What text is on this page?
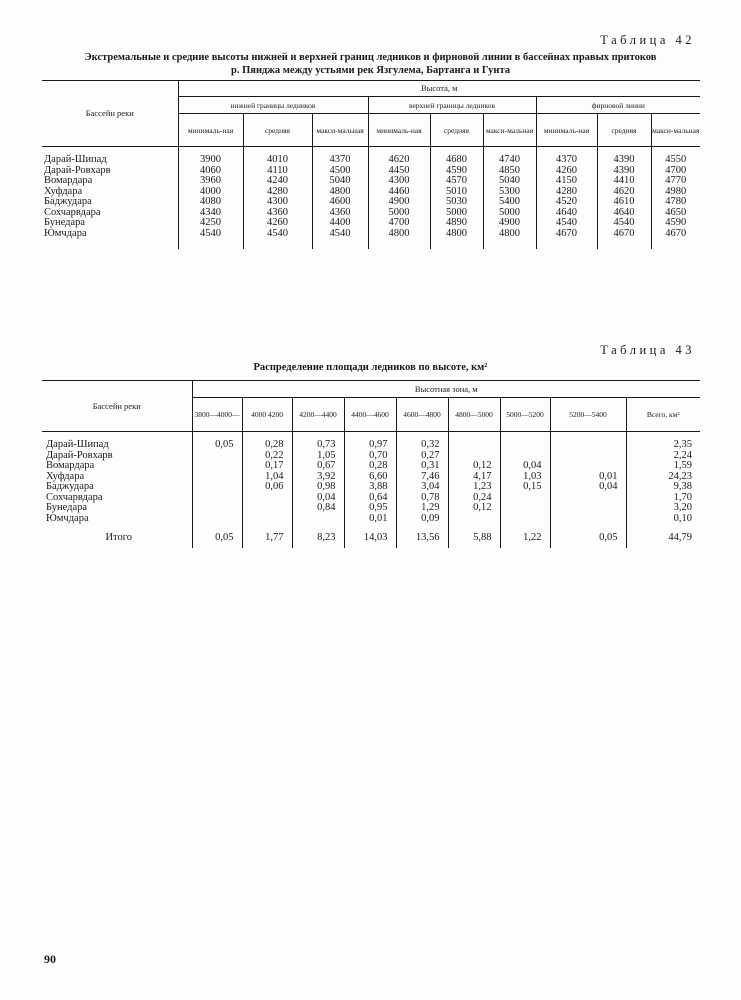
Таблица 42
Экстремальные и средние высоты нижней и верхней границ ледников и фирновой линии в бассейнах правых притоков
р. Пянджа между устьями рек Язгулема, Бартанга и Гунта
Бассейн реки	Высота, м								
	нижней границы ледников			верхней границы ледников			фирновой линии		
	минималь-ная	средняя	макси-мальная	минималь-ная	средняя	макси-мальная	минималь-ная	средняя	макси-мальная
Дарай-Шипад	3900	4010	4370	4620	4680	4740	4370	4390	4550
Дарай-Ровхарв	4060	4110	4500	4450	4590	4850	4260	4390	4700
Вомардара	3960	4240	5040	4300	4570	5040	4150	4410	4770
Хуфдара	4000	4280	4800	4460	5010	5300	4280	4620	4980
Баджудара	4080	4300	4600	4900	5030	5400	4520	4610	4780
Сохчарвдара	4340	4360	4360	5000	5000	5000	4640	4640	4650
Бунедара	4250	4260	4400	4700	4890	4900	4540	4540	4590
Юмчдара	4540	4540	4540	4800	4800	4800	4670	4670	4670
Таблица 43
Распределение площади ледников по высоте, км²
Бассейн реки	Высотная зона, м								
	3800—4000—	4000 4200	4200—4400	4400—4600	4600—4800	4800—5000	5000—5200	5200—5400	Всего, км²
Дарай-Шипад	0,05	0,28	0,73	0,97	0,32				2,35
Дарай-Ровхарв		0,22	1,05	0,70	0,27				2,24
Вомардара		0,17	0,67	0,28	0,31	0,12	0,04		1,59
Хуфдара		1,04	3,92	6,60	7,46	4,17	1,03	0,01	24,23
Баджудара		0,06	0,98	3,88	3,04	1,23	0,15	0,04	9,38
Сохчарвдара			0,04	0,64	0,78	0,24			1,70
Бунедара			0,84	0,95	1,29	0,12			3,20
Юмчдара				0,01	0,09				0,10
Итого	0,05	1,77	8,23	14,03	13,56	5,88	1,22	0,05	44,79
90
